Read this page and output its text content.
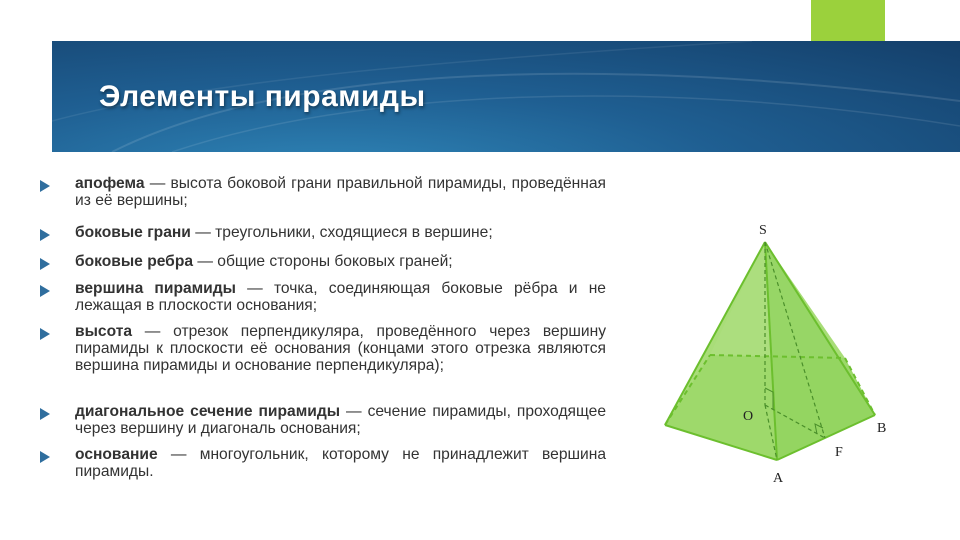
Элементы пирамиды
апофема — высота боковой грани правильной пирамиды, проведённая из её вершины;
боковые грани — треугольники, сходящиеся в вершине;
боковые ребра — общие стороны боковых граней;
вершина пирамиды — точка, соединяющая боковые рёбра и не лежащая в плоскости основания;
высота — отрезок перпендикуляра, проведённого через вершину пирамиды к плоскости её основания (концами этого отрезка являются вершина пирамиды и основание перпендикуляра);
диагональное сечение пирамиды — сечение пирамиды, проходящее через вершину и диагональ основания;
основание — многоугольник, которому не принадлежит вершина пирамиды.
S
O
B
A
F
